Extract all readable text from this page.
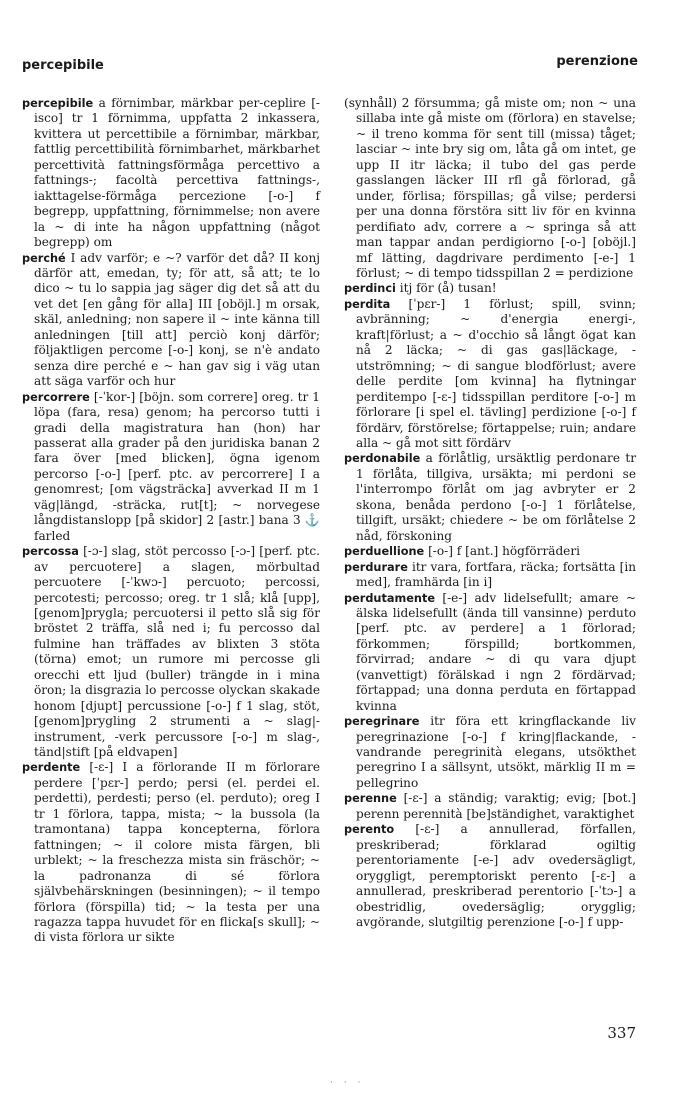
percepibile	perenzione

percepibile a förnimbar, märkbar per-ceplire [-isco] tr 1 förnimma, uppfatta 2 inkassera, kvittera ut percettibile a förnimbar, märkbar, fattlig percettibilità förnimbarhet, märkbarhet percettività fattningsförmåga percettivo a fattnings-; facoltà percettiva fattnings-, iakttagelse-förmåga percezione [-o-] f begrepp, uppfattning, förnimmelse; non avere la ~ di inte ha någon uppfattning (något begrepp) om

perché I adv varför; e ~? varför det då? II konj därför att, emedan, ty; för att, så att; te lo dico ~ tu lo sappia jag säger dig det så att du vet det [en gång för alla] III [oböjl.] m orsak, skäl, anledning; non sapere il ~ inte känna till anledningen [till att] perciò konj därför; följaktligen percome [-o-] konj, se n'è andato senza dire perché e ~ han gav sig i väg utan att säga varför och hur

percorrere [-ˈkor-] [böjn. som correre] oreg. tr 1 löpa (fara, resa) genom; ha percorso tutti i gradi della magistratura han (hon) har passerat alla grader på den juridiska banan 2 fara över [med blicken], ögna igenom percorso [-o-] [perf. ptc. av percorrere] I a genomrest; [om vägsträcka] avverkad II m 1 väg|längd, -sträcka, rut[t]; ~ norvegese långdistanslopp [på skidor] 2 [astr.] bana 3 ⚓ farled

percossa [-ɔ-] slag, stöt percosso [-ɔ-] [perf. ptc. av percuotere] a slagen, mörbultad percuotere [-ˈkwɔ-] percuoto; percossi, percotesti; percosso; oreg. tr 1 slå; klå [upp], [genom]prygla; percuotersi il petto slå sig för bröstet 2 träffa, slå ned i; fu percosso dal fulmine han träffades av blixten 3 stöta (törna) emot; un rumore mi percosse gli orecchi ett ljud (buller) trängde in i mina öron; la disgrazia lo percosse olyckan skakade honom [djupt] percussione [-o-] f 1 slag, stöt, [genom]prygling 2 strumenti a ~ slag|-instrument, -verk percussore [-o-] m slag-, tänd|stift [på eldvapen]

perdente [-ɛ-] I a förlorande II m förlorare perdere [ˈpɛr-] perdo; persi (el. perdei el. perdetti), perdesti; perso (el. perduto); oreg I tr 1 förlora, tappa, mista; ~ la bussola (la tramontana) tappa koncepterna, förlora fattningen; ~ il colore mista färgen, bli urblekt; ~ la freschezza mista sin fräschör; ~ la padronanza di sé förlora självbehärskningen (besinningen); ~ il tempo förlora (förspilla) tid; ~ la testa per una ragazza tappa huvudet för en flicka[s skull]; ~ di vista förlora ur sikte

(synhåll) 2 försumma; gå miste om; non ~ una sillaba inte gå miste om (förlora) en stavelse; ~ il treno komma för sent till (missa) tåget; lasciar ~ inte bry sig om, låta gå om intet, ge upp II itr läcka; il tubo del gas perde gasslangen läcker III rfl gå förlorad, gå under, förlisa; förspillas; gå vilse; perdersi per una donna förstöra sitt liv för en kvinna perdifiato adv, correre a ~ springa så att man tappar andan perdigiorno [-o-] [oböjl.] mf lätting, dagdrivare perdimento [-e-] 1 förlust; ~ di tempo tidsspillan 2 = perdizione

perdinci itj för (å) tusan!

perdita [ˈpɛr-] 1 förlust; spill, svinn; avbränning; ~ d'energia energi-, kraft|förlust; a ~ d'occhio så långt ögat kan nå 2 läcka; ~ di gas gas|läckage, -utströmning; ~ di sangue blodförlust; avere delle perdite [om kvinna] ha flytningar perditempo [-ɛ-] tidsspillan perditore [-o-] m förlorare [i spel el. tävling] perdizione [-o-] f fördärv, förstörelse; förtappelse; ruin; andare alla ~ gå mot sitt fördärv

perdonabile a förlåtlig, ursäktlig perdonare tr 1 förlåta, tillgiva, ursäkta; mi perdoni se l'interrompo förlåt om jag avbryter er 2 skona, benåda perdono [-o-] 1 förlåtelse, tillgift, ursäkt; chiedere ~ be om förlåtelse 2 nåd, förskoning

perduellione [-o-] f [ant.] högförräderi

perdurare itr vara, fortfara, räcka; fortsätta [in med], framhärda [in i]

perdutamente [-e-] adv lidelsefullt; amare ~ älska lidelsefullt (ända till vansinne) perduto [perf. ptc. av perdere] a 1 förlorad; förkommen; förspilld; bortkommen, förvirrad; andare ~ di qu vara djupt (vanvettigt) förälskad i ngn 2 fördärvad; förtappad; una donna perduta en förtappad kvinna

peregrinare itr föra ett kringflackande liv peregrinazione [-o-] f kring|flackande, -vandrande peregrinità elegans, utsökthet peregrino I a sällsynt, utsökt, märklig II m = pellegrino

perenne [-ɛ-] a ständig; varaktig; evig; [bot.] perenn perennità [be]ständighet, varaktighet

perento [-ɛ-] a annullerad, förfallen, preskriberad; förklarad ogiltig perentoriamente [-e-] adv ovedersägligt, oryggligt, peremptoriskt perento [-ɛ-] a annullerad, preskriberad perentorio [-ˈtɔ-] a obestridlig, ovedersäglig; orygglig; avgörande, slutgiltig perenzione [-o-] f upp-

337
· · ·
